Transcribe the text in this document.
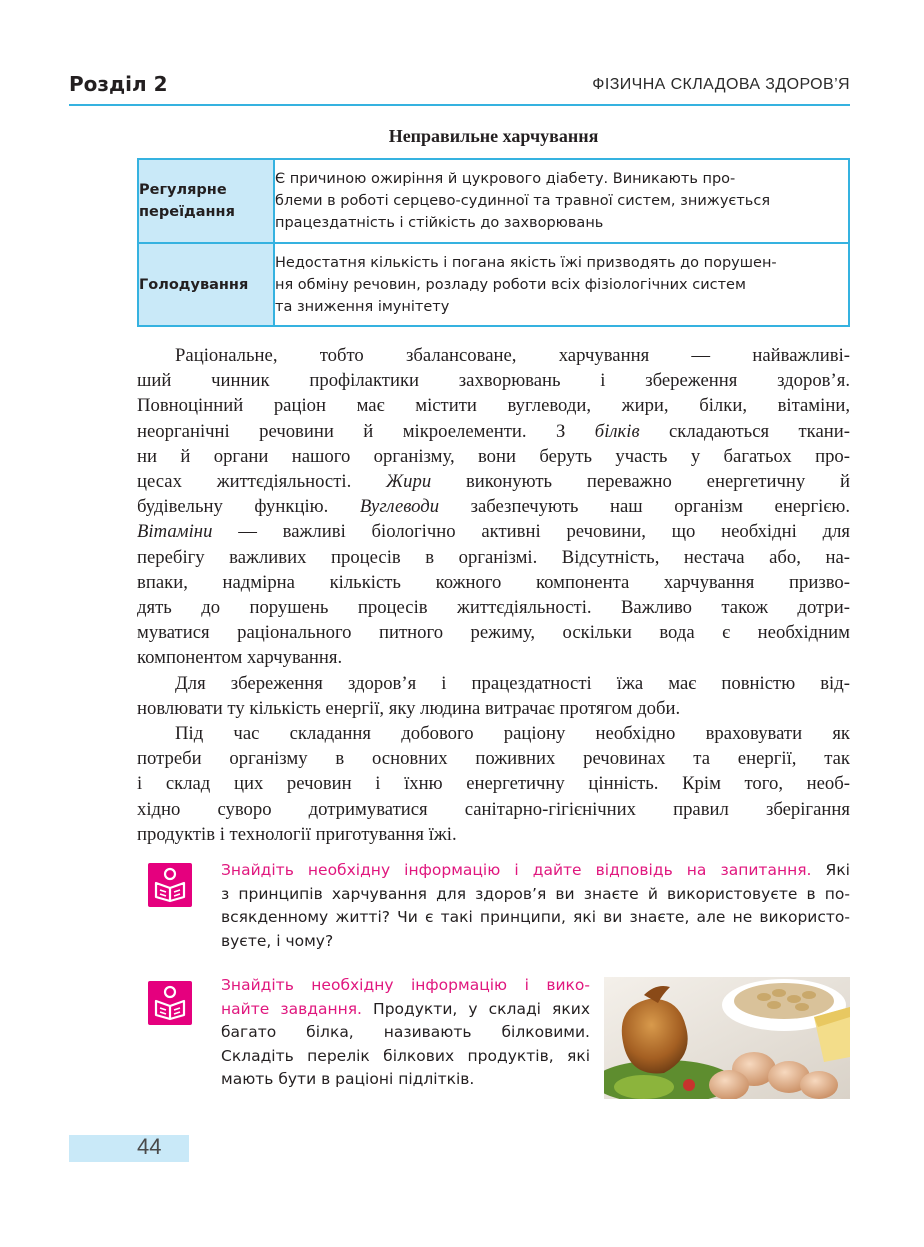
Розділ 2	ФІЗИЧНА СКЛАДОВА ЗДОРОВ’Я
Неправильне харчування
Регулярне
переїдання	Є причиною ожиріння й цукрового діабету. Виникають про-
блеми в роботі серцево-судинної та травної систем, знижується
працездатність і стійкість до захворювань

Голодування	Недостатня кількість і погана якість їжі призводять до порушен-
ня обміну речовин, розладу роботи всіх фізіологічних систем
та зниження імунітету
Раціональне, тобто збалансоване, харчування — найважливі-
ший чинник профілактики захворювань і збереження здоров’я.
Повноцінний раціон має містити вуглеводи, жири, білки, вітаміни,
неорганічні речовини й мікроелементи. З білків складаються ткани-
ни й органи нашого організму, вони беруть участь у багатьох про-
цесах життєдіяльності. Жири виконують переважно енергетичну й
будівельну функцію. Вуглеводи забезпечують наш організм енергією.
Вітаміни — важливі біологічно активні речовини, що необхідні для
перебігу важливих процесів в організмі. Відсутність, нестача або, на-
впаки, надмірна кількість кожного компонента харчування призво-
дять до порушень процесів життєдіяльності. Важливо також дотри-
муватися раціонального питного режиму, оскільки вода є необхідним
компонентом харчування.
Для збереження здоров’я і працездатності їжа має повністю від-
новлювати ту кількість енергії, яку людина витрачає протягом доби.
Під час складання добового раціону необхідно враховувати як
потреби організму в основних поживних речовинах та енергії, так
і склад цих речовин і їхню енергетичну цінність. Крім того, необ-
хідно суворо дотримуватися санітарно-гігієнічних правил зберігання
продуктів і технології приготування їжі.
Знайдіть необхідну інформацію і дайте відповідь на запитання. Які
з принципів харчування для здоров’я ви знаєте й використовуєте в по-
всякденному житті? Чи є такі принципи, які ви знаєте, але не використо-
вуєте, і чому?
Знайдіть необхідну інформацію і вико-
найте завдання. Продукти, у складі яких
багато білка, називають білковими.
Складіть перелік білкових продуктів, які
мають бути в раціоні підлітків.
44
